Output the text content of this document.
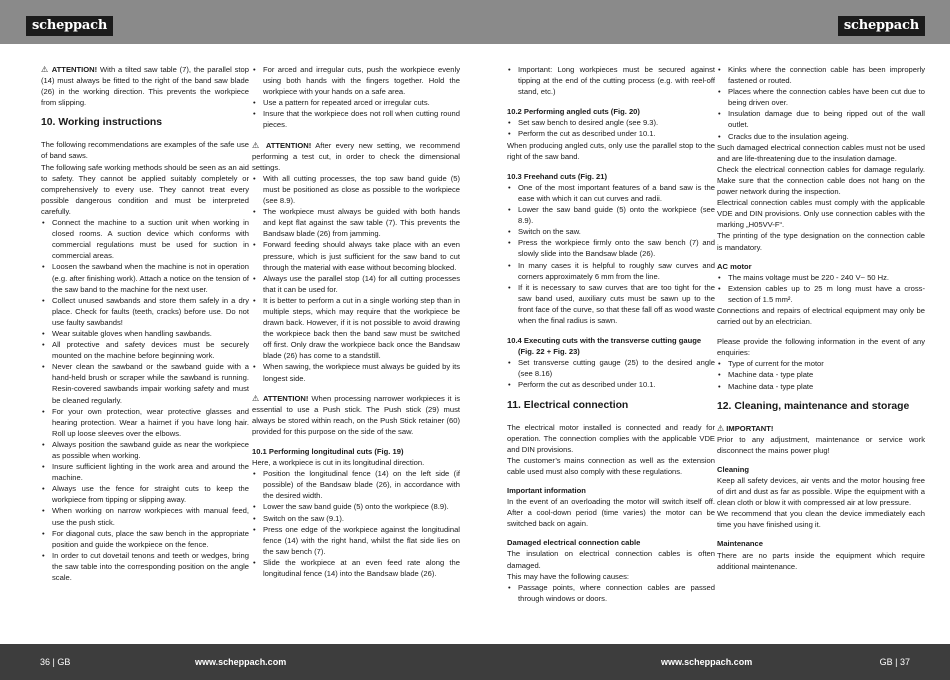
scheppach	scheppach

⚠ ATTENTION! With a tilted saw table (7), the parallel stop (14) must always be fitted to the right of the band saw blade (26) in the working direction. This prevents the workpiece from slipping.

10. Working instructions

The following recommendations are examples of the safe use of band saws.

The following safe working methods should be seen as an aid to safety. They cannot be applied suitably completely or comprehensively to every use. They cannot treat every possible dangerous condition and must be interpreted carefully.

• Connect the machine to a suction unit when working in closed rooms. A suction device which conforms with commercial regulations must be used for suction in commercial areas.
• Loosen the sawband when the machine is not in operation (e.g. after finishing work). Attach a notice on the tension of the saw band to the machine for the next user.
• Collect unused sawbands and store them safely in a dry place. Check for faults (teeth, cracks) before use. Do not use faulty sawbands!
• Wear suitable gloves when handling sawbands.
• All protective and safety devices must be securely mounted on the machine before beginning work.
• Never clean the sawband or the sawband guide with a hand-held brush or scraper while the sawband is running. Resin-covered sawbands impair working safety and must be cleaned regularly.
• For your own protection, wear protective glasses and hearing protection. Wear a hairnet if you have long hair. Roll up loose sleeves over the elbows.
• Always position the sawband guide as near the workpiece as possible when working.
• Insure sufficient lighting in the work area and around the machine.
• Always use the fence for straight cuts to keep the workpiece from tipping or slipping away.
• When working on narrow workpieces with manual feed, use the push stick.
• For diagonal cuts, place the saw bench in the appropriate position and guide the workpiece on the fence.
• In order to cut dovetail tenons and teeth or wedges, bring the saw table into the corresponding position on the angle scale.
• For arced and irregular cuts, push the workpiece evenly using both hands with the fingers together. Hold the workpiece with your hands on a safe area.
• Use a pattern for repeated arced or irregular cuts.
• Insure that the workpiece does not roll when cutting round pieces.

⚠ ATTENTION! After every new setting, we recommend performing a test cut, in order to check the dimensional settings.

• With all cutting processes, the top saw band guide (5) must be positioned as close as possible to the workpiece (see 8.9).
• The workpiece must always be guided with both hands and kept flat against the saw table (7). This prevents the Bandsaw blade (26) from jamming.
• Forward feeding should always take place with an even pressure, which is just sufficient for the saw band to cut through the material with ease without becoming blocked.
• Always use the parallel stop (14) for all cutting processes that it can be used for.
• It is better to perform a cut in a single working step than in multiple steps, which may require that the workpiece be drawn back. However, if it is not possible to avoid drawing the workpiece back then the band saw must be switched off first. Only draw the workpiece back once the Bandsaw blade (26) has come to a standstill.
• When sawing, the workpiece must always be guided by its longest side.

⚠ ATTENTION! When processing narrower workpieces it is essential to use a Push stick. The Push stick (29) must always be stored within reach, on the Push Stick retainer (60) provided for this purpose on the side of the saw.

10.1 Performing longitudinal cuts (Fig. 19)

Here, a workpiece is cut in its longitudinal direction.

• Position the longitudinal fence (14) on the left side (if possible) of the Bandsaw blade (26), in accordance with the desired width.
• Lower the saw band guide (5) onto the workpiece (8.9).
• Switch on the saw (9.1).
• Press one edge of the workpiece against the longitudinal fence (14) with the right hand, whilst the flat side lies on the saw bench (7).
• Slide the workpiece at an even feed rate along the longitudinal fence (14) into the Bandsaw blade (26).
• Important: Long workpieces must be secured against tipping at the end of the cutting process (e.g. with reel-off stand, etc.)
10.2 Performing angled cuts (Fig. 20)
• Set saw bench to desired angle (see 9.3).
• Perform the cut as described under 10.1.

When producing angled cuts, only use the parallel stop to the right of the saw band.

10.3 Freehand cuts (Fig. 21)
• One of the most important features of a band saw is the ease with which it can cut curves and radii.
• Lower the saw band guide (5) onto the workpiece (see 8.9).
• Switch on the saw.
• Press the workpiece firmly onto the saw bench (7) and slowly slide into the Bandsaw blade (26).
• In many cases it is helpful to roughly saw curves and corners approximately 6 mm from the line.
• If it is necessary to saw curves that are too tight for the saw band used, auxiliary cuts must be sawn up to the front face of the curve, so that these fall off as wood waste when the final radius is sawn.
10.4 Executing cuts with the transverse cutting gauge (Fig. 22 + Fig. 23)
• Set transverse cutting gauge (25) to the desired angle (see 8.16)
• Perform the cut as described under 10.1.
11. Electrical connection

The electrical motor installed is connected and ready for operation. The connection complies with the applicable VDE and DIN provisions.

The customer’s mains connection as well as the extension cable used must also comply with these regulations.

Important information

In the event of an overloading the motor will switch itself off. After a cool-down period (time varies) the motor can be switched back on again.

Damaged electrical connection cable

The insulation on electrical connection cables is often damaged.

This may have the following causes:

• Passage points, where connection cables are passed through windows or doors.
• Kinks where the connection cable has been improperly fastened or routed.
• Places where the connection cables have been cut due to being driven over.
• Insulation damage due to being ripped out of the wall outlet.
• Cracks due to the insulation ageing.

Such damaged electrical connection cables must not be used and are life-threatening due to the insulation damage.

Check the electrical connection cables for damage regularly. Make sure that the connection cable does not hang on the power network during the inspection.

Electrical connection cables must comply with the applicable VDE and DIN provisions. Only use connection cables with the marking „H05VV-F“.

The printing of the type designation on the connection cable is mandatory.

AC motor
• The mains voltage must be 220 - 240 V~ 50 Hz.
• Extension cables up to 25 m long must have a cross-section of 1.5 mm².

Connections and repairs of electrical equipment may only be carried out by an electrician.

Please provide the following information in the event of any enquiries:

• Type of current for the motor
• Machine data - type plate
• Machine data - type plate
12. Cleaning, maintenance and storage

⚠ IMPORTANT!

Prior to any adjustment, maintenance or service work disconnect the mains power plug!

Cleaning

Keep all safety devices, air vents and the motor housing free of dirt and dust as far as possible. Wipe the equipment with a clean cloth or blow it with compressed air at low pressure.

We recommend that you clean the device immediately each time you have finished using it.

Maintenance

There are no parts inside the equipment which require additional maintenance.

36 | GB	www.scheppach.com	www.scheppach.com	GB | 37
